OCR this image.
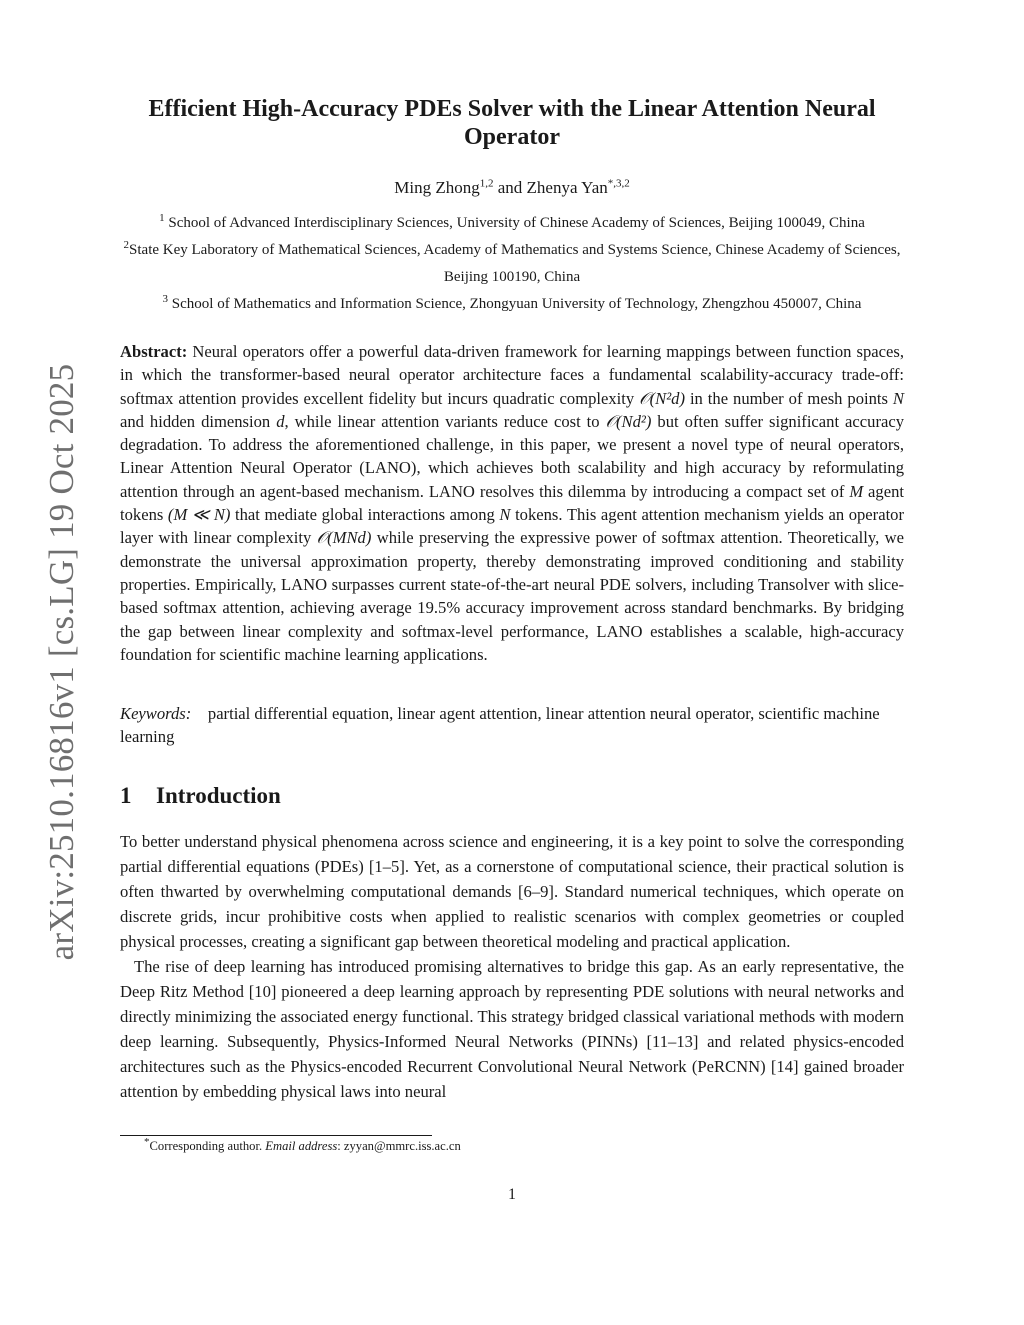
arXiv:2510.16816v1 [cs.LG] 19 Oct 2025
Efficient High-Accuracy PDEs Solver with the Linear Attention Neural Operator
Ming Zhong$^{1,2}$ and Zhenya Yan$^{*,3,2}$
$^1$ School of Advanced Interdisciplinary Sciences, University of Chinese Academy of Sciences, Beijing 100049, China
$^2$State Key Laboratory of Mathematical Sciences, Academy of Mathematics and Systems Science, Chinese Academy of Sciences, Beijing 100190, China
$^3$ School of Mathematics and Information Science, Zhongyuan University of Technology, Zhengzhou 450007, China
Abstract: Neural operators offer a powerful data-driven framework for learning mappings between function spaces, in which the transformer-based neural operator architecture faces a fundamental scalability-accuracy trade-off: softmax attention provides excellent fidelity but incurs quadratic complexity 𝒪(N²d) in the number of mesh points N and hidden dimension d, while linear attention variants reduce cost to 𝒪(Nd²) but often suffer significant accuracy degradation. To address the aforementioned challenge, in this paper, we present a novel type of neural operators, Linear Attention Neural Operator (LANO), which achieves both scalability and high accuracy by reformulating attention through an agent-based mechanism. LANO resolves this dilemma by introducing a compact set of M agent tokens (M ≪ N) that mediate global interactions among N tokens. This agent attention mechanism yields an operator layer with linear complexity 𝒪(MNd) while preserving the expressive power of softmax attention. Theoretically, we demonstrate the universal approximation property, thereby demonstrating improved conditioning and stability properties. Empirically, LANO surpasses current state-of-the-art neural PDE solvers, including Transolver with slice-based softmax attention, achieving average 19.5% accuracy improvement across standard benchmarks. By bridging the gap between linear complexity and softmax-level performance, LANO establishes a scalable, high-accuracy foundation for scientific machine learning applications.
Keywords: partial differential equation, linear agent attention, linear attention neural operator, scientific machine learning
1 Introduction

To better understand physical phenomena across science and engineering, it is a key point to solve the corresponding partial differential equations (PDEs) [1–5]. Yet, as a cornerstone of computational science, their practical solution is often thwarted by overwhelming computational demands [6–9]. Standard numerical techniques, which operate on discrete grids, incur prohibitive costs when applied to realistic scenarios with complex geometries or coupled physical processes, creating a significant gap between theoretical modeling and practical application.

The rise of deep learning has introduced promising alternatives to bridge this gap. As an early representative, the Deep Ritz Method [10] pioneered a deep learning approach by representing PDE solutions with neural networks and directly minimizing the associated energy functional. This strategy bridged classical variational methods with modern deep learning. Subsequently, Physics-Informed Neural Networks (PINNs) [11–13] and related physics-encoded architectures such as the Physics-encoded Recurrent Convolutional Neural Network (PeRCNN) [14] gained broader attention by embedding physical laws into neural

*Corresponding author. Email address: zyyan@mmrc.iss.ac.cn
1
